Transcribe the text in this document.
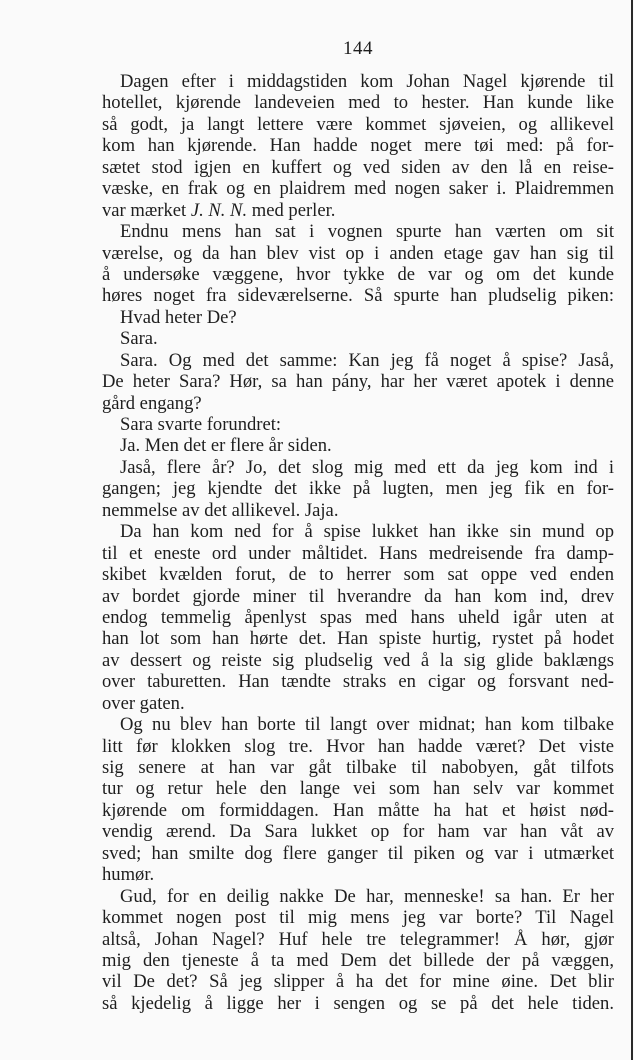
144
Dagen efter i middagstiden kom Johan Nagel kjørende til
hotellet, kjørende landeveien med to hester. Han kunde like
så godt, ja langt lettere være kommet sjøveien, og allikevel
kom han kjørende. Han hadde noget mere tøi med: på for-
sætet stod igjen en kuffert og ved siden av den lå en reise-
væske, en frak og en plaidrem med nogen saker i. Plaidremmen
var mærket J. N. N. med perler.
Endnu mens han sat i vognen spurte han værten om sit
værelse, og da han blev vist op i anden etage gav han sig til
å undersøke væggene, hvor tykke de var og om det kunde
høres noget fra sideværelserne. Så spurte han pludselig piken:
Hvad heter De?
Sara.
Sara. Og med det samme: Kan jeg få noget å spise? Jaså,
De heter Sara? Hør, sa han pány, har her været apotek i denne
gård engang?
Sara svarte forundret:
Ja. Men det er flere år siden.
Jaså, flere år? Jo, det slog mig med ett da jeg kom ind i
gangen; jeg kjendte det ikke på lugten, men jeg fik en for-
nemmelse av det allikevel. Jaja.
Da han kom ned for å spise lukket han ikke sin mund op
til et eneste ord under måltidet. Hans medreisende fra damp-
skibet kvælden forut, de to herrer som sat oppe ved enden
av bordet gjorde miner til hverandre da han kom ind, drev
endog temmelig åpenlyst spas med hans uheld igår uten at
han lot som han hørte det. Han spiste hurtig, rystet på hodet
av dessert og reiste sig pludselig ved å la sig glide baklængs
over taburetten. Han tændte straks en cigar og forsvant ned-
over gaten.
Og nu blev han borte til langt over midnat; han kom tilbake
litt før klokken slog tre. Hvor han hadde været? Det viste
sig senere at han var gåt tilbake til nabobyen, gåt tilfots
tur og retur hele den lange vei som han selv var kommet
kjørende om formiddagen. Han måtte ha hat et høist nød-
vendig ærend. Da Sara lukket op for ham var han våt av
sved; han smilte dog flere ganger til piken og var i utmærket
humør.
Gud, for en deilig nakke De har, menneske! sa han. Er her
kommet nogen post til mig mens jeg var borte? Til Nagel
altså, Johan Nagel? Huf hele tre telegrammer! Å hør, gjør
mig den tjeneste å ta med Dem det billede der på væggen,
vil De det? Så jeg slipper å ha det for mine øine. Det blir
så kjedelig å ligge her i sengen og se på det hele tiden.
